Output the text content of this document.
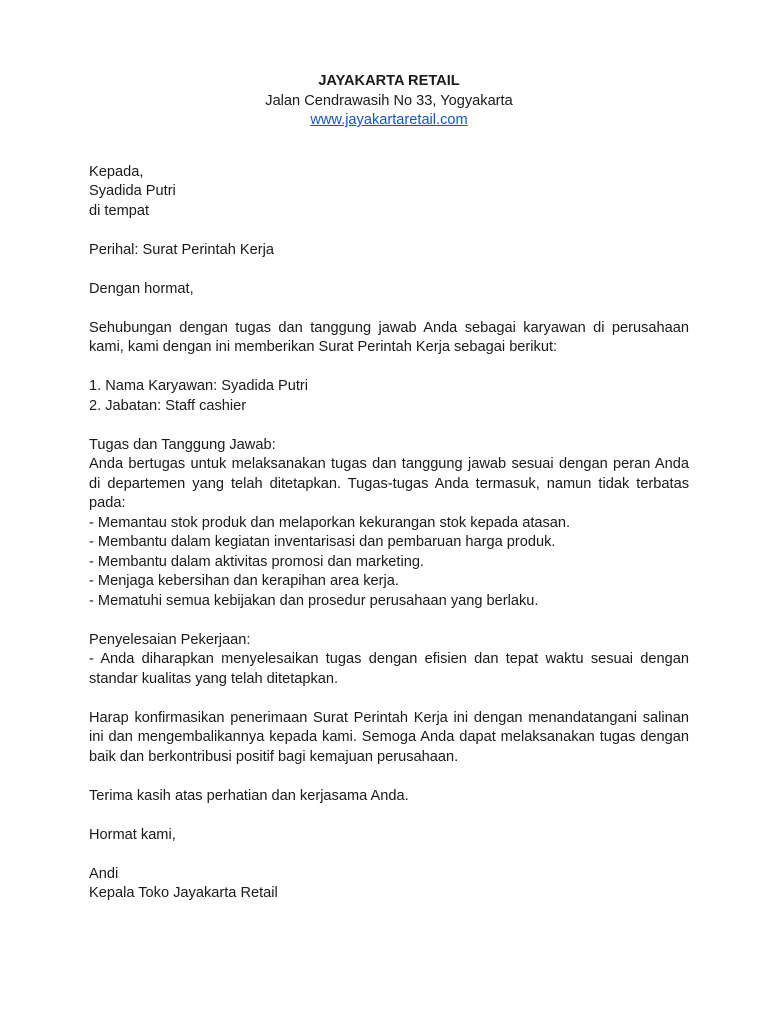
JAYAKARTA RETAIL
Jalan Cendrawasih No 33, Yogyakarta
www.jayakartaretail.com
Kepada,
Syadida Putri
di tempat
Perihal: Surat Perintah Kerja
Dengan hormat,
Sehubungan dengan tugas dan tanggung jawab Anda sebagai karyawan di perusahaan kami, kami dengan ini memberikan Surat Perintah Kerja sebagai berikut:
1. Nama Karyawan: Syadida Putri
2. Jabatan: Staff cashier
Tugas dan Tanggung Jawab:
Anda bertugas untuk melaksanakan tugas dan tanggung jawab sesuai dengan peran Anda di departemen yang telah ditetapkan. Tugas-tugas Anda termasuk, namun tidak terbatas pada:
- Memantau stok produk dan melaporkan kekurangan stok kepada atasan.
- Membantu dalam kegiatan inventarisasi dan pembaruan harga produk.
- Membantu dalam aktivitas promosi dan marketing.
- Menjaga kebersihan dan kerapihan area kerja.
- Mematuhi semua kebijakan dan prosedur perusahaan yang berlaku.
Penyelesaian Pekerjaan:
- Anda diharapkan menyelesaikan tugas dengan efisien dan tepat waktu sesuai dengan standar kualitas yang telah ditetapkan.
Harap konfirmasikan penerimaan Surat Perintah Kerja ini dengan menandatangani salinan ini dan mengembalikannya kepada kami. Semoga Anda dapat melaksanakan tugas dengan baik dan berkontribusi positif bagi kemajuan perusahaan.
Terima kasih atas perhatian dan kerjasama Anda.
Hormat kami,
Andi
Kepala Toko Jayakarta Retail
